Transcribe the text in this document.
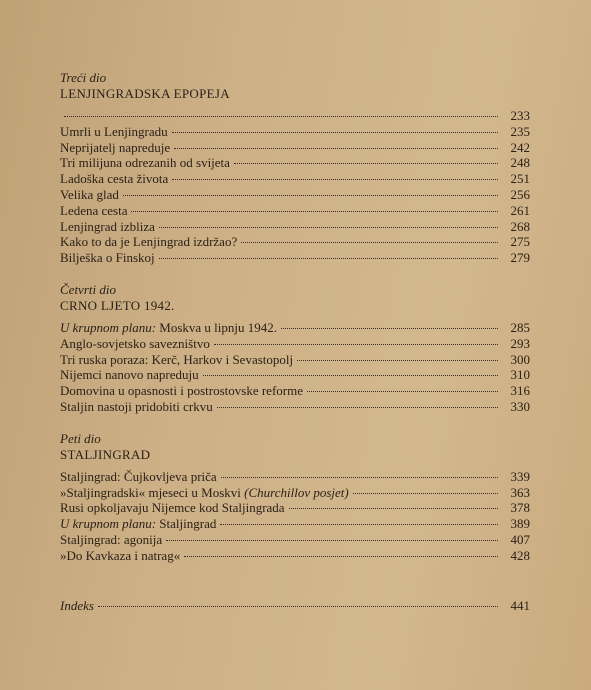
Treći dio

LENJINGRADSKA EPOPEJA

233
Umrli u Lenjingradu	235
Neprijatelj napreduje	242
Tri milijuna odrezanih od svijeta	248
Ladoška cesta života	251
Velika glad	256
Ledena cesta	261
Lenjingrad izbliza	268
Kako to da je Lenjingrad izdržao?	275
Bilješka o Finskoj	279

Četvrti dio

CRNO LJETO 1942.

U krupnom planu: Moskva u lipnju 1942.	285
Anglo-sovjetsko savezništvo	293
Tri ruska poraza: Kerč, Harkov i Sevastopolj	300
Nijemci nanovo napreduju	310
Domovina u opasnosti i postrostovske reforme	316
Staljin nastoji pridobiti crkvu	330

Peti dio

STALJINGRAD

Staljingrad: Čujkovljeva priča	339
»Staljingradski« mjeseci u Moskvi (Churchillov posjet)	363
Rusi opkoljavaju Nijemce kod Staljingrada	378
U krupnom planu: Staljingrad	389
Staljingrad: agonija	407
»Do Kavkaza i natrag«	428
Indeks	441
